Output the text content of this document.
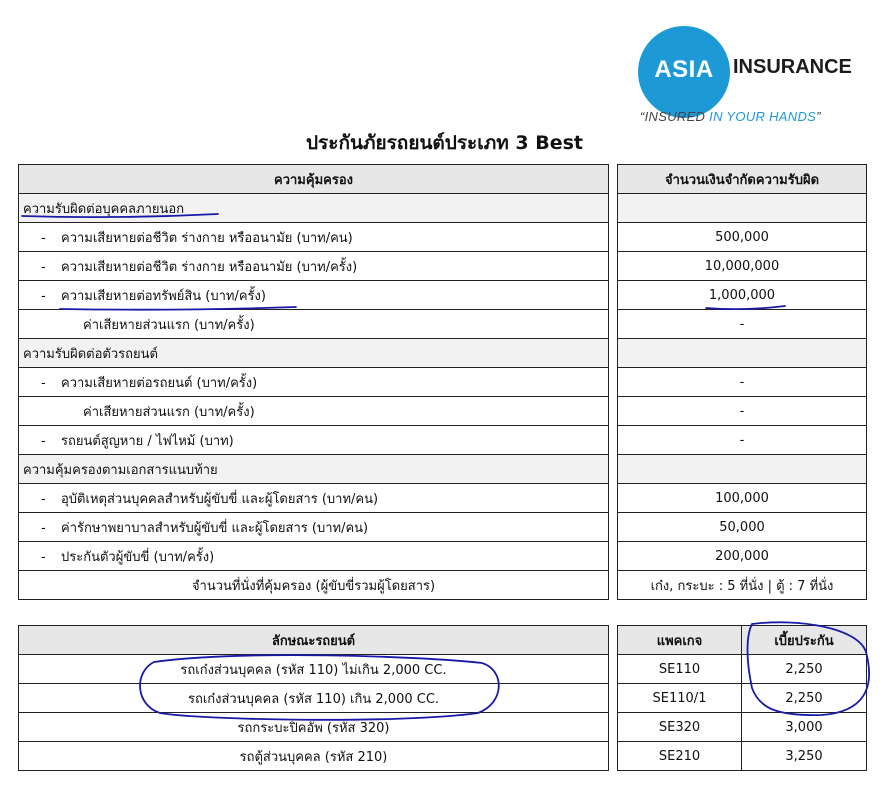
ASIA INSURANCE
“INSURED IN YOUR HANDS”
ประกันภัยรถยนต์ประเภท 3 Best
ความคุ้มครอง		จำนวนเงินจำกัดความรับผิด
ความรับผิดต่อบุคคลภายนอก		
- ความเสียหายต่อชีวิต ร่างกาย หรืออนามัย (บาท/คน)		500,000
- ความเสียหายต่อชีวิต ร่างกาย หรืออนามัย (บาท/ครั้ง)		10,000,000
- ความเสียหายต่อทรัพย์สิน (บาท/ครั้ง)		1,000,000
ค่าเสียหายส่วนแรก (บาท/ครั้ง)		-
ความรับผิดต่อตัวรถยนต์		
- ความเสียหายต่อรถยนต์ (บาท/ครั้ง)		-
ค่าเสียหายส่วนแรก (บาท/ครั้ง)		-
- รถยนต์สูญหาย / ไฟไหม้ (บาท)		-
ความคุ้มครองตามเอกสารแนบท้าย		
- อุบัติเหตุส่วนบุคคลสำหรับผู้ขับขี่ และผู้โดยสาร (บาท/คน)		100,000
- ค่ารักษาพยาบาลสำหรับผู้ขับขี่ และผู้โดยสาร (บาท/คน)		50,000
- ประกันตัวผู้ขับขี่ (บาท/ครั้ง)		200,000
จำนวนที่นั่งที่คุ้มครอง (ผู้ขับขี่รวมผู้โดยสาร)		เก๋ง, กระบะ : 5 ที่นั่ง | ตู้ : 7 ที่นั่ง
ลักษณะรถยนต์		แพคเกจ	เบี้ยประกัน
รถเก๋งส่วนบุคคล (รหัส 110) ไม่เกิน 2,000 CC.		SE110	2,250
รถเก๋งส่วนบุคคล (รหัส 110) เกิน 2,000 CC.		SE110/1	2,250
รถกระบะปิคอัพ (รหัส 320)		SE320	3,000
รถตู้ส่วนบุคคล (รหัส 210)		SE210	3,250
